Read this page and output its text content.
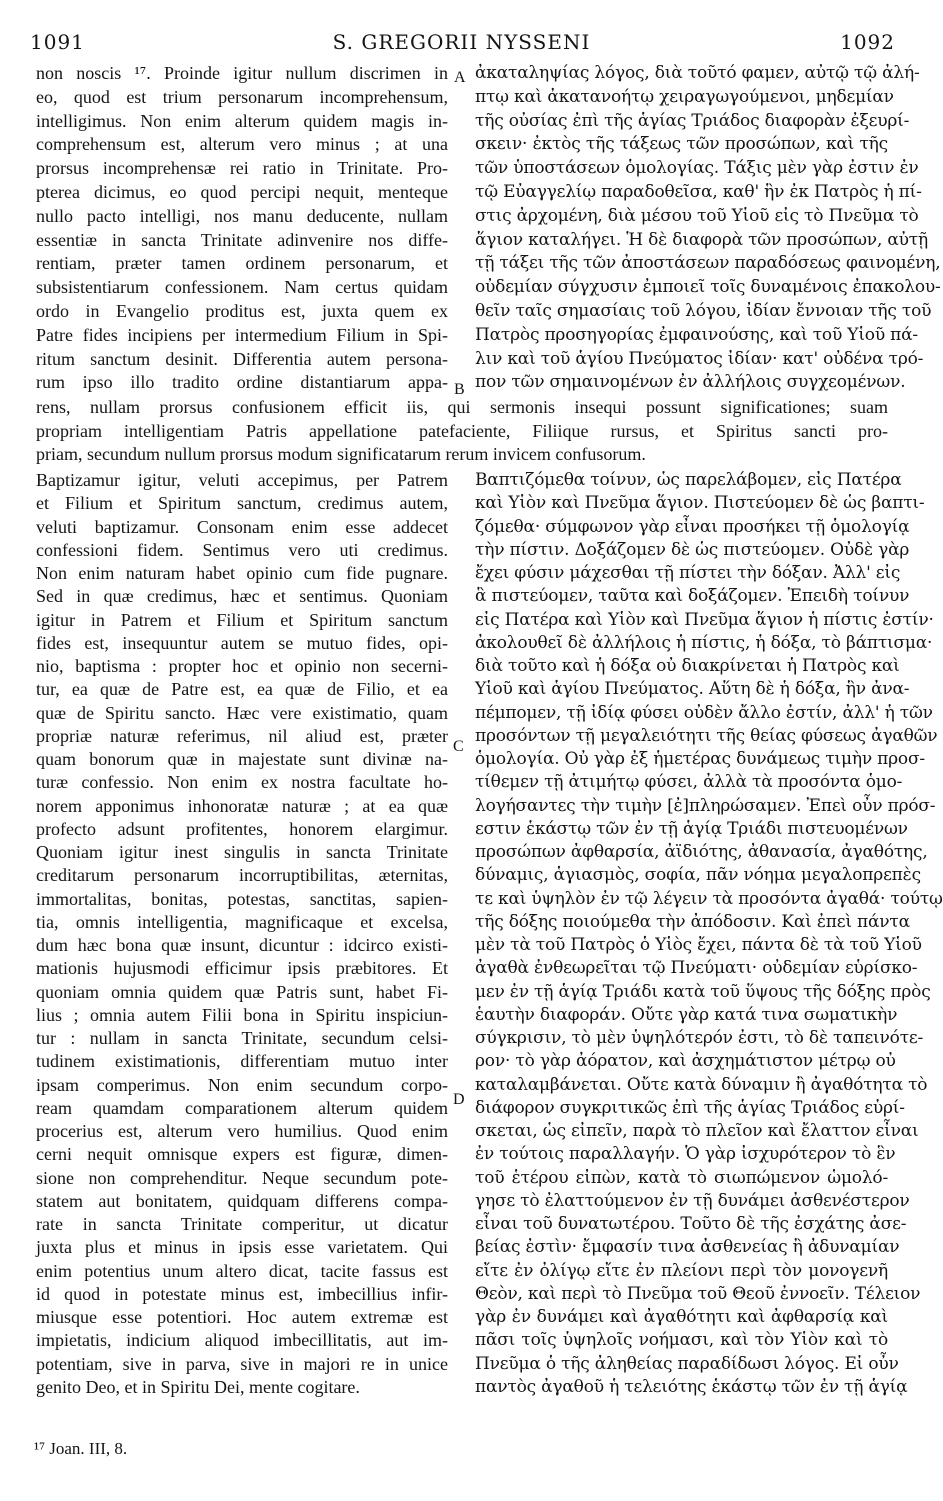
1091	S. GREGORII NYSSENI	1092
non noscis ¹⁷. Proinde igitur nullum discrimen in
eo, quod est trium personarum incomprehensum,
intelligimus. Non enim alterum quidem magis in-
comprehensum est, alterum vero minus ; at una
prorsus incomprehensæ rei ratio in Trinitate. Pro-
pterea dicimus, eo quod percipi nequit, menteque
nullo pacto intelligi, nos manu deducente, nullam
essentiæ in sancta Trinitate adinvenire nos diffe-
rentiam, præter tamen ordinem personarum, et
subsistentiarum confessionem. Nam certus quidam
ordo in Evangelio proditus est, juxta quem ex
Patre fides incipiens per intermedium Filium in Spi-
ritum sanctum desinit. Differentia autem persona-
rum ipso illo tradito ordine distantiarum appa-
ἀκαταληψίας λόγος, διὰ τοῦτό φαμεν, αὐτῷ τῷ ἀλή-
πτῳ καὶ ἀκατανοήτῳ χειραγωγούμενοι, μηδεμίαν
τῆς οὐσίας ἐπὶ τῆς ἁγίας Τριάδος διαφορὰν ἐξευρί-
σκειν· ἐκτὸς τῆς τάξεως τῶν προσώπων, καὶ τῆς
τῶν ὑποστάσεων ὁμολογίας. Τάξις μὲν γὰρ ἐστιν ἐν
τῷ Εὐαγγελίῳ παραδοθεῖσα, καθ' ἣν ἐκ Πατρὸς ἡ πί-
στις ἀρχομένη, διὰ μέσου τοῦ Υἱοῦ εἰς τὸ Πνεῦμα τὸ
ἅγιον καταλήγει. Ἡ δὲ διαφορὰ τῶν προσώπων, αὐτῇ
τῇ τάξει τῆς τῶν ἀποστάσεων παραδόσεως φαινομένη,
οὐδεμίαν σύγχυσιν ἐμποιεῖ τοῖς δυναμένοις ἐπακολου-
θεῖν ταῖς σημασίαις τοῦ λόγου, ἰδίαν ἔννοιαν τῆς τοῦ
Πατρὸς προσηγορίας ἐμφαινούσης, καὶ τοῦ Υἱοῦ πά-
λιν καὶ τοῦ ἁγίου Πνεύματος ἰδίαν· κατ' οὐδένα τρό-
πον τῶν σημαινομένων ἐν ἀλλήλοις συγχεομένων.
rens, nullam prorsus confusionem efficit iis, qui sermonis insequi possunt significationes; suam
propriam intelligentiam Patris appellatione patefaciente, Filiique rursus, et Spiritus sancti pro-
priam, secundum nullum prorsus modum significatarum rerum invicem confusorum.
Baptizamur igitur, veluti accepimus, per Patrem
et Filium et Spiritum sanctum, credimus autem,
veluti baptizamur. Consonam enim esse addecet
confessioni fidem. Sentimus vero uti credimus.
Non enim naturam habet opinio cum fide pugnare.
Sed in quæ credimus, hæc et sentimus. Quoniam
igitur in Patrem et Filium et Spiritum sanctum
fides est, insequuntur autem se mutuo fides, opi-
nio, baptisma : propter hoc et opinio non secerni-
tur, ea quæ de Patre est, ea quæ de Filio, et ea
quæ de Spiritu sancto. Hæc vere existimatio, quam
propriæ naturæ referimus, nil aliud est, præter
quam bonorum quæ in majestate sunt divinæ na-
turæ confessio. Non enim ex nostra facultate ho-
norem apponimus inhonoratæ naturæ ; at ea quæ
profecto adsunt profitentes, honorem elargimur.
Quoniam igitur inest singulis in sancta Trinitate
creditarum personarum incorruptibilitas, æternitas,
immortalitas, bonitas, potestas, sanctitas, sapien-
tia, omnis intelligentia, magnificaque et excelsa,
dum hæc bona quæ insunt, dicuntur : idcirco existi-
mationis hujusmodi efficimur ipsis præbitores. Et
quoniam omnia quidem quæ Patris sunt, habet Fi-
lius ; omnia autem Filii bona in Spiritu inspiciun-
tur : nullam in sancta Trinitate, secundum celsi-
tudinem existimationis, differentiam mutuo inter
ipsam comperimus. Non enim secundum corpo-
ream quamdam comparationem alterum quidem
procerius est, alterum vero humilius. Quod enim
cerni nequit omnisque expers est figuræ, dimen-
sione non comprehenditur. Neque secundum pote-
statem aut bonitatem, quidquam differens compa-
rate in sancta Trinitate comperitur, ut dicatur
juxta plus et minus in ipsis esse varietatem. Qui
enim potentius unum altero dicat, tacite fassus est
id quod in potestate minus est, imbecillius infir-
miusque esse potentiori. Hoc autem extremæ est
impietatis, indicium aliquod imbecillitatis, aut im-
potentiam, sive in parva, sive in majori re in unice
genito Deo, et in Spiritu Dei, mente cogitare.
Βαπτιζόμεθα τοίνυν, ὡς παρελάβομεν, εἰς Πατέρα
καὶ Υἱὸν καὶ Πνεῦμα ἅγιον. Πιστεύομεν δὲ ὡς βαπτι-
ζόμεθα· σύμφωνον γὰρ εἶναι προσήκει τῇ ὁμολογίᾳ
τὴν πίστιν. Δοξάζομεν δὲ ὡς πιστεύομεν. Οὐδὲ γὰρ
ἔχει φύσιν μάχεσθαι τῇ πίστει τὴν δόξαν. Ἀλλ' εἰς
ἃ πιστεύομεν, ταῦτα καὶ δοξάζομεν. Ἐπειδὴ τοίνυν
εἰς Πατέρα καὶ Υἱὸν καὶ Πνεῦμα ἅγιον ἡ πίστις ἐστίν·
ἀκολουθεῖ δὲ ἀλλήλοις ἡ πίστις, ἡ δόξα, τὸ βάπτισμα·
διὰ τοῦτο καὶ ἡ δόξα οὐ διακρίνεται ἡ Πατρὸς καὶ
Υἱοῦ καὶ ἁγίου Πνεύματος. Αὕτη δὲ ἡ δόξα, ἣν ἀνα-
πέμπομεν, τῇ ἰδίᾳ φύσει οὐδὲν ἄλλο ἐστίν, ἀλλ' ἡ τῶν
προσόντων τῇ μεγαλειότητι τῆς θείας φύσεως ἀγαθῶν
ὁμολογία. Οὐ γὰρ ἐξ ἡμετέρας δυνάμεως τιμὴν προσ-
τίθεμεν τῇ ἀτιμήτῳ φύσει, ἀλλὰ τὰ προσόντα ὁμο-
λογήσαντες τὴν τιμὴν [ἐ]πληρώσαμεν. Ἐπεὶ οὖν πρόσ-
εστιν ἑκάστῳ τῶν ἐν τῇ ἁγίᾳ Τριάδι πιστευομένων
προσώπων ἀφθαρσία, ἀϊδιότης, ἀθανασία, ἀγαθότης,
δύναμις, ἁγιασμὸς, σοφία, πᾶν νόημα μεγαλοπρεπὲς
τε καὶ ὑψηλὸν ἐν τῷ λέγειν τὰ προσόντα ἀγαθά· τούτῳ
τῆς δόξης ποιούμεθα τὴν ἀπόδοσιν. Καὶ ἐπεὶ πάντα
μὲν τὰ τοῦ Πατρὸς ὁ Υἱὸς ἔχει, πάντα δὲ τὰ τοῦ Υἱοῦ
ἀγαθὰ ἐνθεωρεῖται τῷ Πνεύματι· οὐδεμίαν εὑρίσκο-
μεν ἐν τῇ ἁγίᾳ Τριάδι κατὰ τοῦ ὕψους τῆς δόξης πρὸς
ἑαυτὴν διαφοράν. Οὔτε γὰρ κατά τινα σωματικὴν
σύγκρισιν, τὸ μὲν ὑψηλότερόν ἐστι, τὸ δὲ ταπεινότε-
ρον· τὸ γὰρ ἀόρατον, καὶ ἀσχημάτιστον μέτρῳ οὐ
καταλαμβάνεται. Οὔτε κατὰ δύναμιν ἢ ἀγαθότητα τὸ
διάφορον συγκριτικῶς ἐπὶ τῆς ἁγίας Τριάδος εὑρί-
σκεται, ὡς εἰπεῖν, παρὰ τὸ πλεῖον καὶ ἔλαττον εἶναι
ἐν τούτοις παραλλαγήν. Ὁ γὰρ ἰσχυρότερον τὸ ἓν
τοῦ ἑτέρου εἰπὼν, κατὰ τὸ σιωπώμενον ὡμολό-
γησε τὸ ἐλαττούμενον ἐν τῇ δυνάμει ἀσθενέστερον
εἶναι τοῦ δυνατωτέρου. Τοῦτο δὲ τῆς ἐσχάτης ἀσε-
βείας ἐστὶν· ἔμφασίν τινα ἀσθενείας ἢ ἀδυναμίαν
εἴτε ἐν ὀλίγῳ εἴτε ἐν πλείονι περὶ τὸν μονογενῆ
Θεὸν, καὶ περὶ τὸ Πνεῦμα τοῦ Θεοῦ ἐννοεῖν. Τέλειον
γὰρ ἐν δυνάμει καὶ ἀγαθότητι καὶ ἀφθαρσίᾳ καὶ
πᾶσι τοῖς ὑψηλοῖς νοήμασι, καὶ τὸν Υἱὸν καὶ τὸ
Πνεῦμα ὁ τῆς ἀληθείας παραδίδωσι λόγος. Εἰ οὖν
παντὸς ἀγαθοῦ ἡ τελειότης ἑκάστῳ τῶν ἐν τῇ ἁγίᾳ
A
B
C
D
¹⁷ Joan. III, 8.
